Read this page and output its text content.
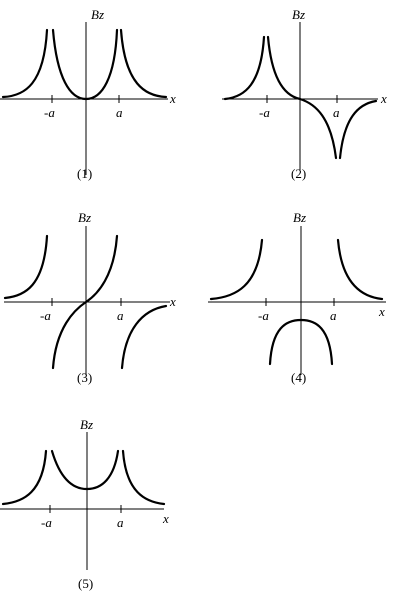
Bz
x
-a	a
(1)
Bz
x
-a	a
(2)
Bz
x
-a	a
(3)
Bz
x
-a	a
(4)
Bz
x
-a	a
(5)
